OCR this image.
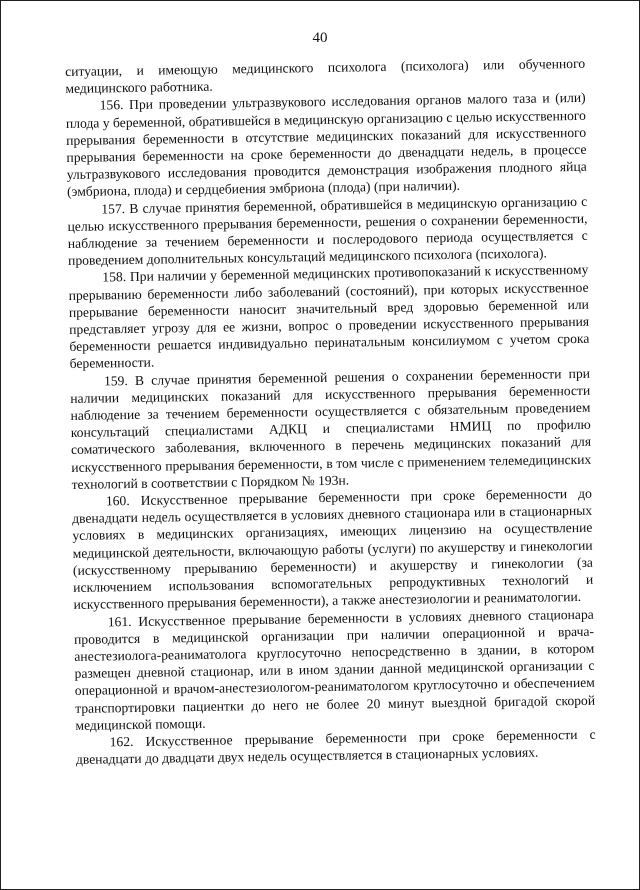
40

ситуации, и имеющую медицинского психолога (психолога) или обученного медицинского работника.

156. При проведении ультразвукового исследования органов малого таза и (или) плода у беременной, обратившейся в медицинскую организацию с целью искусственного прерывания беременности в отсутствие медицинских показаний для искусственного прерывания беременности на сроке беременности до двенадцати недель, в процессе ультразвукового исследования проводится демонстрация изображения плодного яйца (эмбриона, плода) и сердцебиения эмбриона (плода) (при наличии).

157. В случае принятия беременной, обратившейся в медицинскую организацию с целью искусственного прерывания беременности, решения о сохранении беременности, наблюдение за течением беременности и послеродового периода осуществляется с проведением дополнительных консультаций медицинского психолога (психолога).

158. При наличии у беременной медицинских противопоказаний к искусственному прерыванию беременности либо заболеваний (состояний), при которых искусственное прерывание беременности наносит значительный вред здоровью беременной или представляет угрозу для ее жизни, вопрос о проведении искусственного прерывания беременности решается индивидуально перинатальным консилиумом с учетом срока беременности.

159. В случае принятия беременной решения о сохранении беременности при наличии медицинских показаний для искусственного прерывания беременности наблюдение за течением беременности осуществляется с обязательным проведением консультаций специалистами АДКЦ и специалистами НМИЦ по профилю соматического заболевания, включенного в перечень медицинских показаний для искусственного прерывания беременности, в том числе с применением телемедицинских технологий в соответствии с Порядком № 193н.

160. Искусственное прерывание беременности при сроке беременности до двенадцати недель осуществляется в условиях дневного стационара или в стационарных условиях в медицинских организациях, имеющих лицензию на осуществление медицинской деятельности, включающую работы (услуги) по акушерству и гинекологии (искусственному прерыванию беременности) и акушерству и гинекологии (за исключением использования вспомогательных репродуктивных технологий и искусственного прерывания беременности), а также анестезиологии и реаниматологии.

161. Искусственное прерывание беременности в условиях дневного стационара проводится в медицинской организации при наличии операционной и врача-анестезиолога-реаниматолога круглосуточно непосредственно в здании, в котором размещен дневной стационар, или в ином здании данной медицинской организации с операционной и врачом-анестезиологом-реаниматологом круглосуточно и обеспечением транспортировки пациентки до него не более 20 минут выездной бригадой скорой медицинской помощи.

162. Искусственное прерывание беременности при сроке беременности с двенадцати до двадцати двух недель осуществляется в стационарных условиях.
